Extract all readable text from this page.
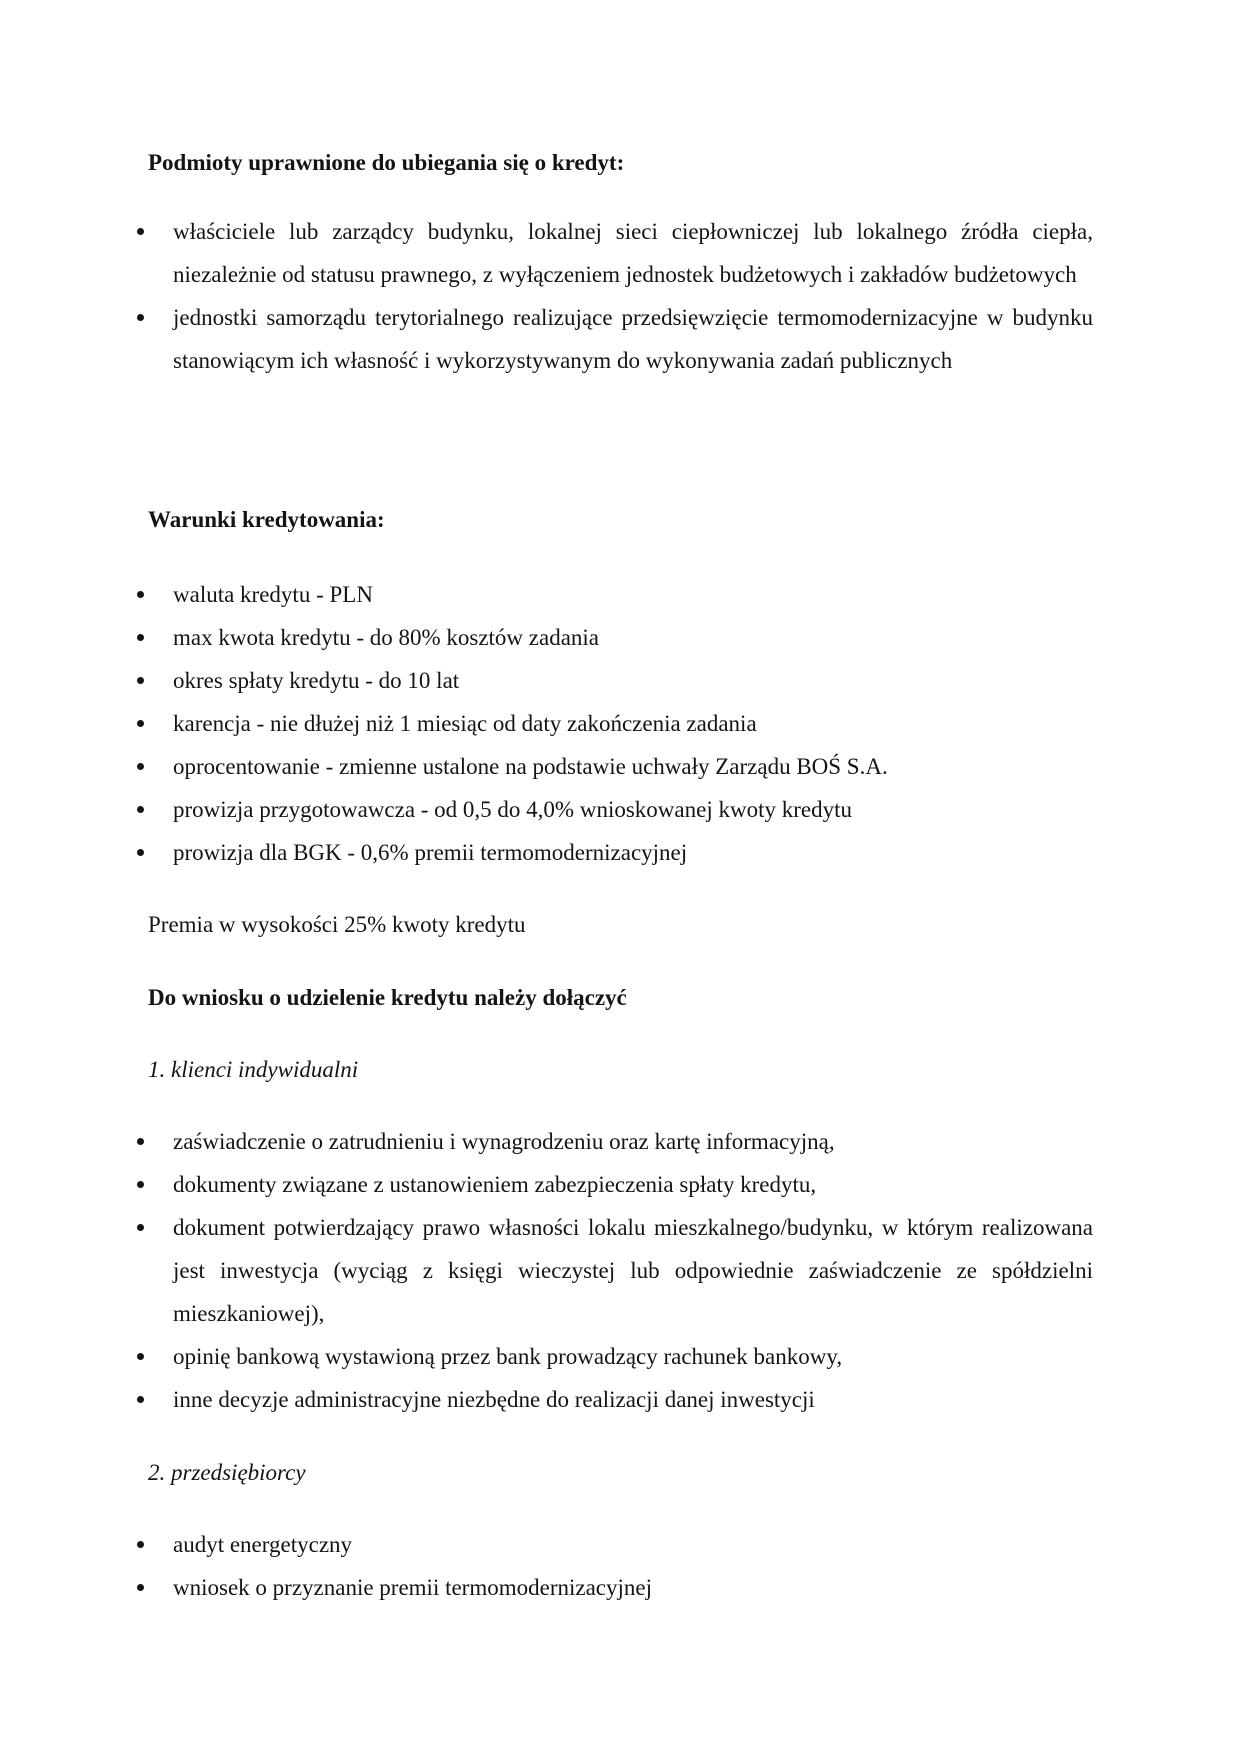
Podmioty uprawnione do ubiegania się o kredyt:
właściciele lub zarządcy budynku, lokalnej sieci ciepłowniczej lub lokalnego źródła ciepła, niezależnie od statusu prawnego, z wyłączeniem jednostek budżetowych i zakładów budżetowych
jednostki samorządu terytorialnego realizujące przedsięwzięcie termomodernizacyjne w budynku stanowiącym ich własność i wykorzystywanym do wykonywania zadań publicznych
Warunki kredytowania:
waluta kredytu - PLN
max kwota kredytu - do 80% kosztów zadania
okres spłaty kredytu - do 10 lat
karencja - nie dłużej niż 1 miesiąc od daty zakończenia zadania
oprocentowanie - zmienne ustalone na podstawie uchwały Zarządu BOŚ S.A.
prowizja przygotowawcza - od 0,5 do 4,0% wnioskowanej kwoty kredytu
prowizja dla BGK - 0,6% premii termomodernizacyjnej
Premia w wysokości 25% kwoty kredytu
Do wniosku o udzielenie kredytu należy dołączyć
1. klienci indywidualni
zaświadczenie o zatrudnieniu i wynagrodzeniu oraz kartę informacyjną,
dokumenty związane z ustanowieniem zabezpieczenia spłaty kredytu,
dokument potwierdzający prawo własności lokalu mieszkalnego/budynku, w którym realizowana jest inwestycja (wyciąg z księgi wieczystej lub odpowiednie zaświadczenie ze spółdzielni mieszkaniowej),
opinię bankową wystawioną przez bank prowadzący rachunek bankowy,
inne decyzje administracyjne niezbędne do realizacji danej inwestycji
2. przedsiębiorcy
audyt energetyczny
wniosek o przyznanie premii termomodernizacyjnej
